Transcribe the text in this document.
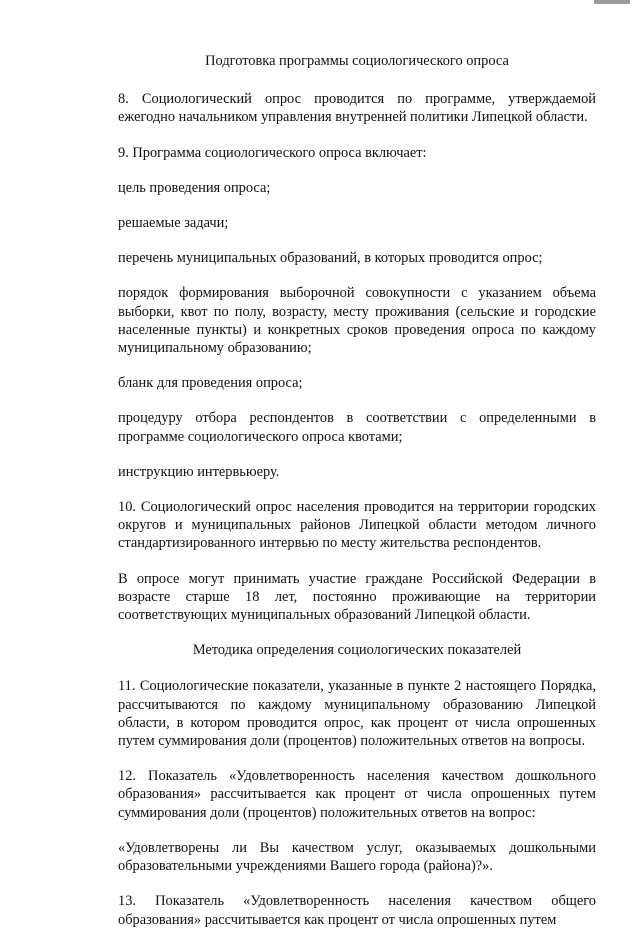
Подготовка программы социологического опроса

8. Социологический опрос проводится по программе, утверждаемой ежегодно начальником управления внутренней политики Липецкой области.

9. Программа социологического опроса включает:

цель проведения опроса;

решаемые задачи;

перечень муниципальных образований, в которых проводится опрос;

порядок формирования выборочной совокупности с указанием объема выборки, квот по полу, возрасту, месту проживания (сельские и городские населенные пункты) и конкретных сроков проведения опроса по каждому муниципальному образованию;

бланк для проведения опроса;

процедуру отбора респондентов в соответствии с определенными в программе социологического опроса квотами;

инструкцию интервьюеру.

10. Социологический опрос населения проводится на территории городских округов и муниципальных районов Липецкой области методом личного стандартизированного интервью по месту жительства респондентов.

В опросе могут принимать участие граждане Российской Федерации в возрасте старше 18 лет, постоянно проживающие на территории соответствующих муниципальных образований Липецкой области.

Методика определения социологических показателей

11. Социологические показатели, указанные в пункте 2 настоящего Порядка, рассчитываются по каждому муниципальному образованию Липецкой области, в котором проводится опрос, как процент от числа опрошенных путем суммирования доли (процентов) положительных ответов на вопросы.

12. Показатель «Удовлетворенность населения качеством дошкольного образования» рассчитывается как процент от числа опрошенных путем суммирования доли (процентов) положительных ответов на вопрос:

«Удовлетворены ли Вы качеством услуг, оказываемых дошкольными образовательными учреждениями Вашего города (района)?».

13. Показатель «Удовлетворенность населения качеством общего образования» рассчитывается как процент от числа опрошенных путем
